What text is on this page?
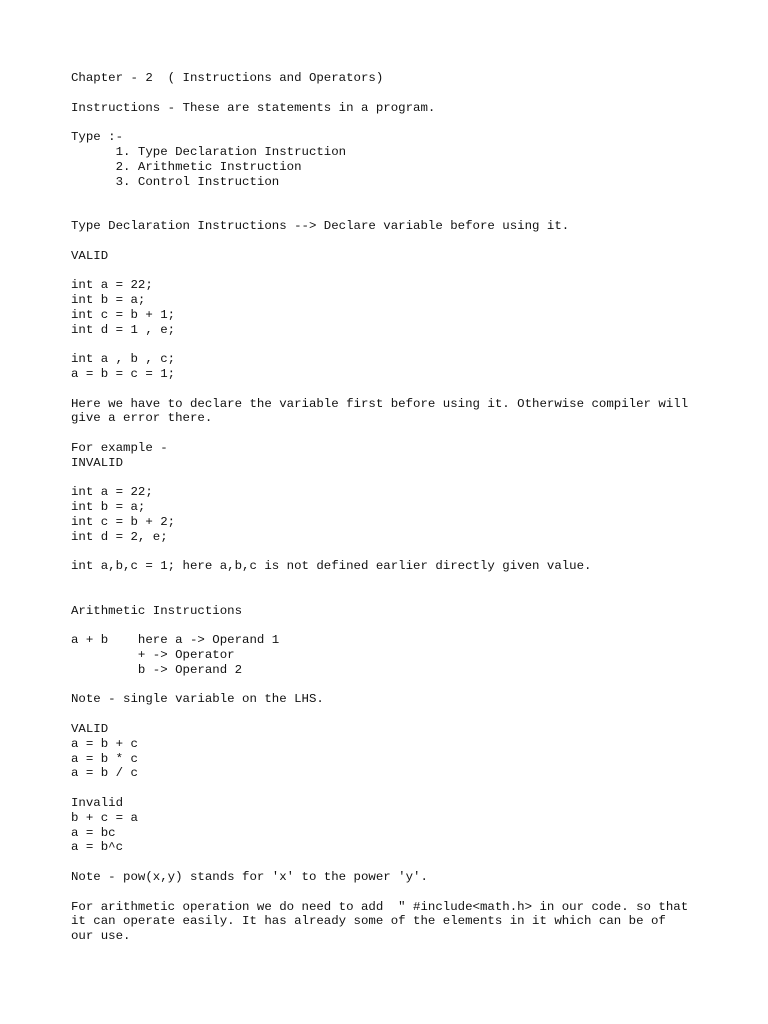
Chapter - 2  ( Instructions and Operators)
Instructions - These are statements in a program.
Type :-
1. Type Declaration Instruction
2. Arithmetic Instruction
3. Control Instruction
Type Declaration Instructions --> Declare variable before using it.
VALID
int a = 22;
int b = a;
int c = b + 1;
int d = 1 , e;
int a , b , c;
a = b = c = 1;
Here we have to declare the variable first before using it. Otherwise compiler will
give a error there.
For example -
INVALID
int a = 22;
int b = a;
int c = b + 2;
int d = 2, e;
int a,b,c = 1; here a,b,c is not defined earlier directly given value.
Arithmetic Instructions
a + b    here a -> Operand 1
+ -> Operator
b -> Operand 2
Note - single variable on the LHS.
VALID
a = b + c
a = b * c
a = b / c
Invalid
b + c = a
a = bc
a = b^c
Note - pow(x,y) stands for 'x' to the power 'y'.
For arithmetic operation we do need to add  " #include<math.h> in our code. so that
it can operate easily. It has already some of the elements in it which can be of
our use.
